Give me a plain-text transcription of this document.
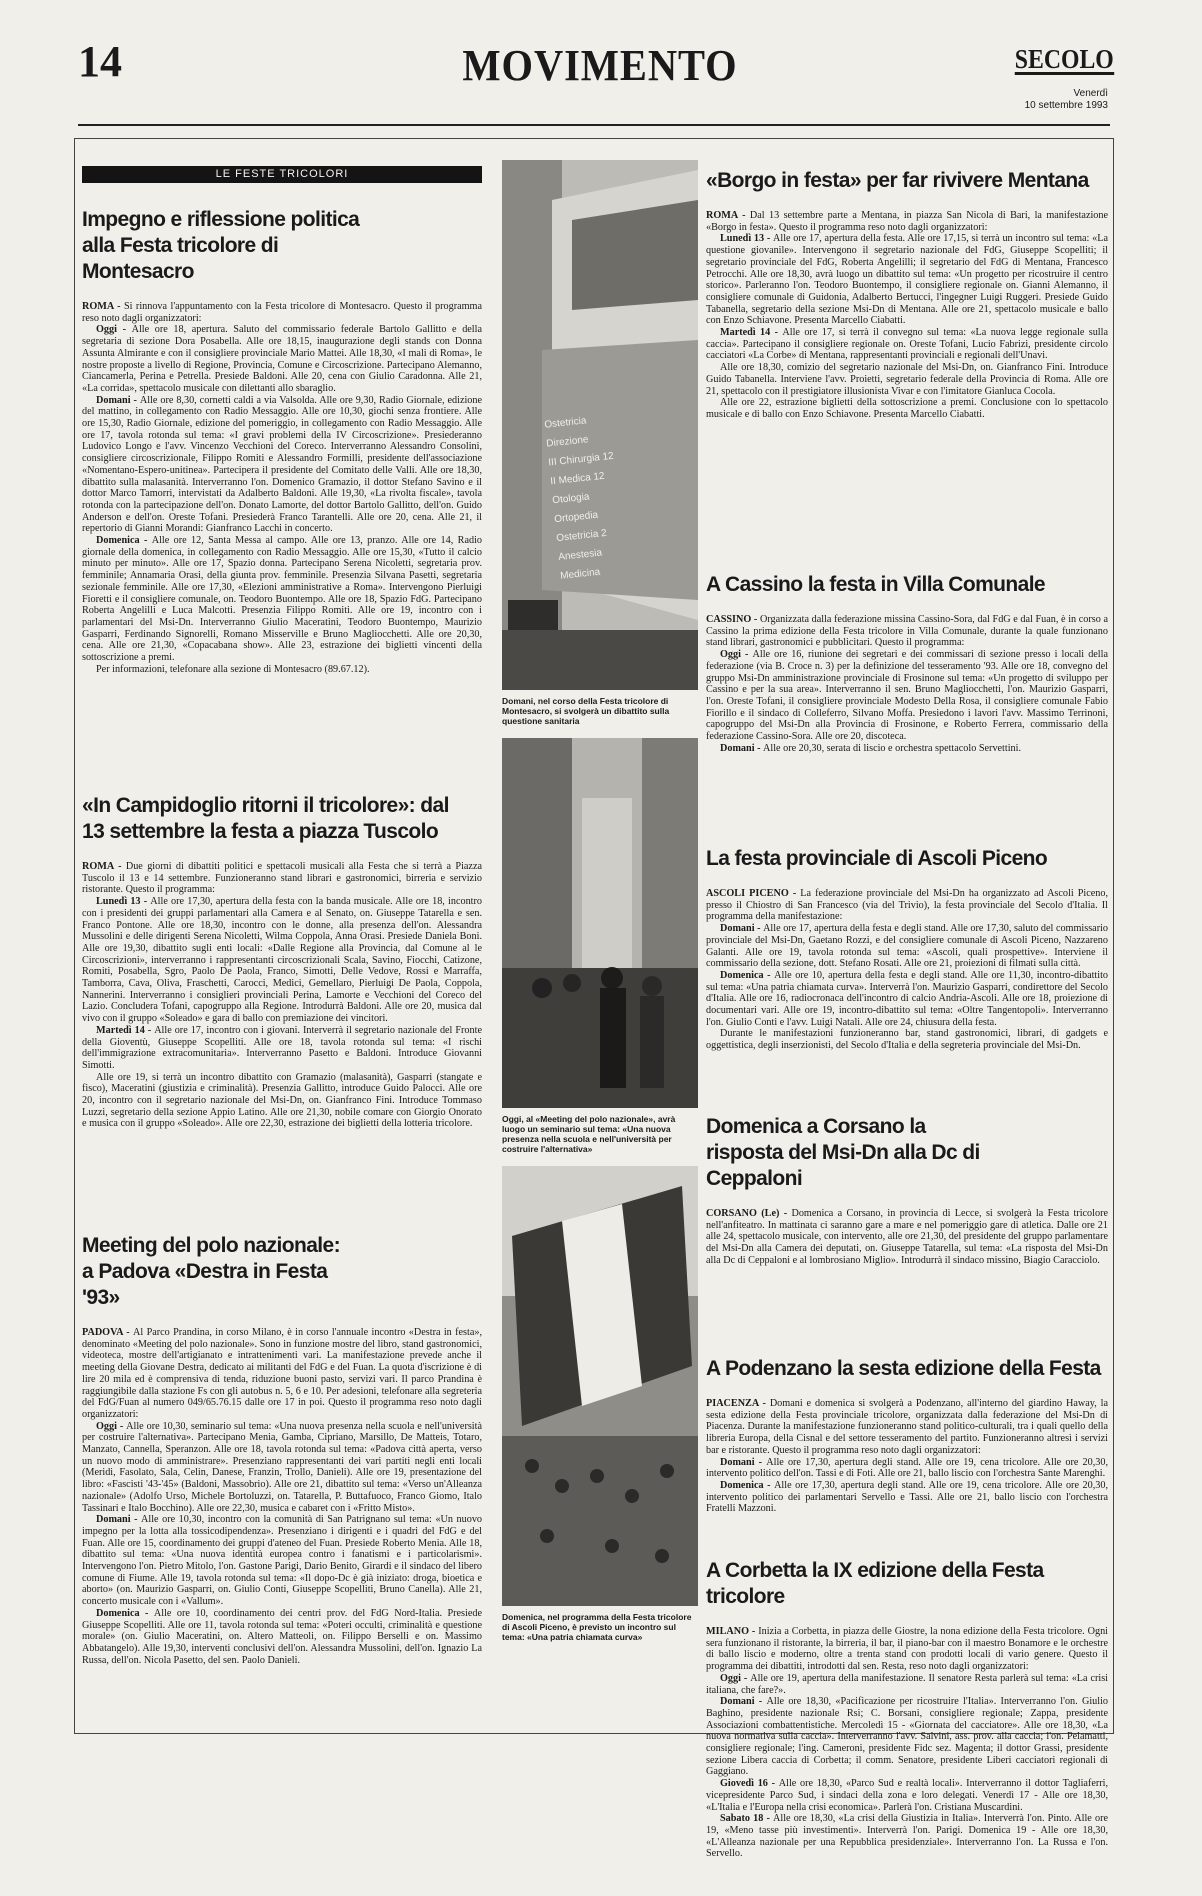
14	MOVIMENTO	SECOLO
Venerdì
10 settembre 1993
LE FESTE TRICOLORI
Impegno e riflessione politica alla Festa tricolore di Montesacro

ROMA - Si rinnova l'appuntamento con la Festa tricolore di Montesacro. Questo il programma reso noto dagli organizzatori:

Oggi - Alle ore 18, apertura. Saluto del commissario federale Bartolo Gallitto e della segretaria di sezione Dora Posabella. Alle ore 18,15, inaugurazione degli stands con Donna Assunta Almirante e con il consigliere provinciale Mario Mattei. Alle 18,30, «I mali di Roma», le nostre proposte a livello di Regione, Provincia, Comune e Circoscrizione. Partecipano Alemanno, Ciancamerla, Perina e Petrella. Presiede Baldoni. Alle 20, cena con Giulio Caradonna. Alle 21, «La corrida», spettacolo musicale con dilettanti allo sbaraglio.

Domani - Alle ore 8,30, cornetti caldi a via Valsolda. Alle ore 9,30, Radio Giornale, edizione del mattino, in collegamento con Radio Messaggio. Alle ore 10,30, giochi senza frontiere. Alle ore 15,30, Radio Giornale, edizione del pomeriggio, in collegamento con Radio Messaggio. Alle ore 17, tavola rotonda sul tema: «I gravi problemi della IV Circoscrizione». Presiederanno Ludovico Longo e l'avv. Vincenzo Vecchioni del Coreco. Interverranno Alessandro Consolini, consigliere circoscrizionale, Filippo Romiti e Alessandro Formilli, presidente dell'associazione «Nomentano-Espero-unitinea». Partecipera il presidente del Comitato delle Valli. Alle ore 18,30, dibattito sulla malasanità. Interverranno l'on. Domenico Gramazio, il dottor Stefano Savino e il dottor Marco Tamorri, intervistati da Adalberto Baldoni. Alle 19,30, «La rivolta fiscale», tavola rotonda con la partecipazione dell'on. Donato Lamorte, del dottor Bartolo Gallitto, dell'on. Guido Anderson e dell'on. Oreste Tofani. Presiederà Franco Tarantelli. Alle ore 20, cena. Alle 21, il repertorio di Gianni Morandi: Gianfranco Lacchi in concerto.

Domenica - Alle ore 12, Santa Messa al campo. Alle ore 13, pranzo. Alle ore 14, Radio giornale della domenica, in collegamento con Radio Messaggio. Alle ore 15,30, «Tutto il calcio minuto per minuto». Alle ore 17, Spazio donna. Partecipano Serena Nicoletti, segretaria prov. femminile; Annamaria Orasi, della giunta prov. femminile. Presenzia Silvana Pasetti, segretaria sezionale femminile. Alle ore 17,30, «Elezioni amministrative a Roma». Intervengono Pierluigi Fioretti e il consigliere comunale, on. Teodoro Buontempo. Alle ore 18, Spazio FdG. Partecipano Roberta Angelilli e Luca Malcotti. Presenzia Filippo Romiti. Alle ore 19, incontro con i parlamentari del Msi-Dn. Interverranno Giulio Maceratini, Teodoro Buontempo, Maurizio Gasparri, Ferdinando Signorelli, Romano Misserville e Bruno Magliocchetti. Alle ore 20,30, cena. Alle ore 21,30, «Copacabana show». Alle 23, estrazione dei biglietti vincenti della sottoscrizione a premi.

Per informazioni, telefonare alla sezione di Montesacro (89.67.12).

«In Campidoglio ritorni il tricolore»: dal 13 settembre la festa a piazza Tuscolo

ROMA - Due giorni di dibattiti politici e spettacoli musicali alla Festa che si terrà a Piazza Tuscolo il 13 e 14 settembre. Funzioneranno stand librari e gastronomici, birreria e servizio ristorante. Questo il programma:

Lunedì 13 - Alle ore 17,30, apertura della festa con la banda musicale. Alle ore 18, incontro con i presidenti dei gruppi parlamentari alla Camera e al Senato, on. Giuseppe Tatarella e sen. Franco Pontone. Alle ore 18,30, incontro con le donne, alla presenza dell'on. Alessandra Mussolini e delle dirigenti Serena Nicoletti, Wilma Coppola, Anna Orasi. Presiede Daniela Boni. Alle ore 19,30, dibattito sugli enti locali: «Dalle Regione alla Provincia, dal Comune al le Circoscrizioni», interverranno i rappresentanti circoscrizionali Scala, Savino, Fiocchi, Catizone, Romiti, Posabella, Sgro, Paolo De Paola, Franco, Simotti, Delle Vedove, Rossi e Marraffa, Tamborra, Cava, Oliva, Fraschetti, Carocci, Medici, Gemellaro, Pierluigi De Paola, Coppola, Nannerini. Interverranno i consiglieri provinciali Perina, Lamorte e Vecchioni del Coreco del Lazio. Concludera Tofani, capogruppo alla Regione. Introdurrà Baldoni. Alle ore 20, musica dal vivo con il gruppo «Soleado» e gara di ballo con premiazione dei vincitori.

Martedì 14 - Alle ore 17, incontro con i giovani. Interverrà il segretario nazionale del Fronte della Gioventù, Giuseppe Scopelliti. Alle ore 18, tavola rotonda sul tema: «I rischi dell'immigrazione extracomunitaria». Interverranno Pasetto e Baldoni. Introduce Giovanni Simotti.

Alle ore 19, si terrà un incontro dibattito con Gramazio (malasanità), Gasparri (stangate e fisco), Maceratini (giustizia e criminalità). Presenzia Gallitto, introduce Guido Palocci. Alle ore 20, incontro con il segretario nazionale del Msi-Dn, on. Gianfranco Fini. Introduce Tommaso Luzzi, segretario della sezione Appio Latino. Alle ore 21,30, nobile comare con Giorgio Onorato e musica con il gruppo «Soleado». Alle ore 22,30, estrazione dei biglietti della lotteria tricolore.

Meeting del polo nazionale: a Padova «Destra in Festa '93»

PADOVA - Al Parco Prandina, in corso Milano, è in corso l'annuale incontro «Destra in festa», denominato «Meeting del polo nazionale». Sono in funzione mostre del libro, stand gastronomici, videoteca, mostre dell'artigianato e intrattenimenti vari. La manifestazione prevede anche il meeting della Giovane Destra, dedicato ai militanti del FdG e del Fuan. La quota d'iscrizione è di lire 20 mila ed è comprensiva di tenda, riduzione buoni pasto, servizi vari. Il parco Prandina è raggiungibile dalla stazione Fs con gli autobus n. 5, 6 e 10. Per adesioni, telefonare alla segreteria del FdG/Fuan al numero 049/65.76.15 dalle ore 17 in poi. Questo il programma reso noto dagli organizzatori:

Oggi - Alle ore 10,30, seminario sul tema: «Una nuova presenza nella scuola e nell'università per costruire l'alternativa». Partecipano Menia, Gamba, Cipriano, Marsillo, De Matteis, Totaro, Manzato, Cannella, Speranzon. Alle ore 18, tavola rotonda sul tema: «Padova città aperta, verso un nuovo modo di amministrare». Presenziano rappresentanti dei vari partiti negli enti locali (Meridi, Fasolato, Sala, Celin, Danese, Franzin, Trollo, Danieli). Alle ore 19, presentazione del libro: «Fascisti '43-'45» (Baldoni, Massobrio). Alle ore 21, dibattito sul tema: «Verso un'Alleanza nazionale» (Adolfo Urso, Michele Bortoluzzi, on. Tatarella, P. Buttafuoco, Franco Giomo, Italo Tassinari e Italo Bocchino). Alle ore 22,30, musica e cabaret con i «Fritto Misto».

Domani - Alle ore 10,30, incontro con la comunità di San Patrignano sul tema: «Un nuovo impegno per la lotta alla tossicodipendenza». Presenziano i dirigenti e i quadri del FdG e del Fuan. Alle ore 15, coordinamento dei gruppi d'ateneo del Fuan. Presiede Roberto Menia. Alle 18, dibattito sul tema: «Una nuova identità europea contro i fanatismi e i particolarismi». Intervengono l'on. Pietro Mitolo, l'on. Gastone Parigi, Dario Benito, Girardi e il sindaco del libero comune di Fiume. Alle 19, tavola rotonda sul tema: «Il dopo-Dc è già iniziato: droga, bioetica e aborto» (on. Maurizio Gasparri, on. Giulio Conti, Giuseppe Scopelliti, Bruno Canella). Alle 21, concerto musicale con i «Vallum».

Domenica - Alle ore 10, coordinamento dei centri prov. del FdG Nord-Italia. Presiede Giuseppe Scopelliti. Alle ore 11, tavola rotonda sul tema: «Poteri occulti, criminalità e questione morale» (on. Giulio Maceratini, on. Altero Matteoli, on. Filippo Berselli e on. Massimo Abbatangelo). Alle 19,30, interventi conclusivi dell'on. Alessandra Mussolini, dell'on. Ignazio La Russa, dell'on. Nicola Pasetto, del sen. Paolo Danieli.

Ostetricia
Direzione
III Chirurgia 12
II Medica 12
Otologia
Ortopedia
Ostetricia 2
Anestesia
Medicina
Domani, nel corso della Festa tricolore di Montesacro, si svolgerà un dibattito sulla questione sanitaria
Oggi, al «Meeting del polo nazionale», avrà luogo un seminario sul tema: «Una nuova presenza nella scuola e nell'università per costruire l'alternativa»
Domenica, nel programma della Festa tricolore di Ascoli Piceno, è previsto un incontro sul tema: «Una patria chiamata curva»
«Borgo in festa» per far rivivere Mentana

ROMA - Dal 13 settembre parte a Mentana, in piazza San Nicola di Bari, la manifestazione «Borgo in festa». Questo il programma reso noto dagli organizzatori:

Lunedì 13 - Alle ore 17, apertura della festa. Alle ore 17,15, si terrà un incontro sul tema: «La questione giovanile». Intervengono il segretario nazionale del FdG, Giuseppe Scopelliti; il segretario provinciale del FdG, Roberta Angelilli; il segretario del FdG di Mentana, Francesco Petrocchi. Alle ore 18,30, avrà luogo un dibattito sul tema: «Un progetto per ricostruire il centro storico». Parleranno l'on. Teodoro Buontempo, il consigliere regionale on. Gianni Alemanno, il consigliere comunale di Guidonia, Adalberto Bertucci, l'ingegner Luigi Ruggeri. Presiede Guido Tabanella, segretario della sezione Msi-Dn di Mentana. Alle ore 21, spettacolo musicale e ballo con Enzo Schiavone. Presenta Marcello Ciabatti.

Martedì 14 - Alle ore 17, si terrà il convegno sul tema: «La nuova legge regionale sulla caccia». Partecipano il consigliere regionale on. Oreste Tofani, Lucio Fabrizi, presidente circolo cacciatori «La Corbe» di Mentana, rappresentanti provinciali e regionali dell'Unavi.

Alle ore 18,30, comizio del segretario nazionale del Msi-Dn, on. Gianfranco Fini. Introduce Guido Tabanella. Interviene l'avv. Proietti, segretario federale della Provincia di Roma. Alle ore 21, spettacolo con il prestigiatore illusionista Vivar e con l'imitatore Gianluca Cocola.

Alle ore 22, estrazione biglietti della sottoscrizione a premi. Conclusione con lo spettacolo musicale e di ballo con Enzo Schiavone. Presenta Marcello Ciabatti.

A Cassino la festa in Villa Comunale

CASSINO - Organizzata dalla federazione missina Cassino-Sora, dal FdG e dal Fuan, è in corso a Cassino la prima edizione della Festa tricolore in Villa Comunale, durante la quale funzionano stand librari, gastronomici e pubblicitari. Questo il programma:

Oggi - Alle ore 16, riunione dei segretari e dei commissari di sezione presso i locali della federazione (via B. Croce n. 3) per la definizione del tesseramento '93. Alle ore 18, convegno del gruppo Msi-Dn amministrazione provinciale di Frosinone sul tema: «Un progetto di sviluppo per Cassino e per la sua area». Interverranno il sen. Bruno Magliocchetti, l'on. Maurizio Gasparri, l'on. Oreste Tofani, il consigliere provinciale Modesto Della Rosa, il consigliere comunale Fabio Fiorillo e il sindaco di Colleferro, Silvano Moffa. Presiedono i lavori l'avv. Massimo Terrinoni, capogruppo del Msi-Dn alla Provincia di Frosinone, e Roberto Ferrera, commissario della federazione Cassino-Sora. Alle ore 20, discoteca.

Domani - Alle ore 20,30, serata di liscio e orchestra spettacolo Servettini.

La festa provinciale di Ascoli Piceno

ASCOLI PICENO - La federazione provinciale del Msi-Dn ha organizzato ad Ascoli Piceno, presso il Chiostro di San Francesco (via del Trivio), la festa provinciale del Secolo d'Italia. Il programma della manifestazione:

Domani - Alle ore 17, apertura della festa e degli stand. Alle ore 17,30, saluto del commissario provinciale del Msi-Dn, Gaetano Rozzi, e del consigliere comunale di Ascoli Piceno, Nazzareno Galanti. Alle ore 19, tavola rotonda sul tema: «Ascoli, quali prospettive». Interviene il commissario della sezione, dott. Stefano Rosati. Alle ore 21, proiezioni di filmati sulla città.

Domenica - Alle ore 10, apertura della festa e degli stand. Alle ore 11,30, incontro-dibattito sul tema: «Una patria chiamata curva». Interverrà l'on. Maurizio Gasparri, condirettore del Secolo d'Italia. Alle ore 16, radiocronaca dell'incontro di calcio Andria-Ascoli. Alle ore 18, proiezione di documentari vari. Alle ore 19, incontro-dibattito sul tema: «Oltre Tangentopoli». Interverranno l'on. Giulio Conti e l'avv. Luigi Natali. Alle ore 24, chiusura della festa.

Durante le manifestazioni funzioneranno bar, stand gastronomici, librari, di gadgets e oggettistica, degli inserzionisti, del Secolo d'Italia e della segreteria provinciale del Msi-Dn.

Domenica a Corsano la risposta del Msi-Dn alla Dc di Ceppaloni

CORSANO (Le) - Domenica a Corsano, in provincia di Lecce, si svolgerà la Festa tricolore nell'anfiteatro. In mattinata ci saranno gare a mare e nel pomeriggio gare di atletica. Dalle ore 21 alle 24, spettacolo musicale, con intervento, alle ore 21,30, del presidente del gruppo parlamentare del Msi-Dn alla Camera dei deputati, on. Giuseppe Tatarella, sul tema: «La risposta del Msi-Dn alla Dc di Ceppaloni e al lombrosiano Miglio». Introdurrà il sindaco missino, Biagio Caracciolo.

A Podenzano la sesta edizione della Festa

PIACENZA - Domani e domenica si svolgerà a Podenzano, all'interno del giardino Haway, la sesta edizione della Festa provinciale tricolore, organizzata dalla federazione del Msi-Dn di Piacenza. Durante la manifestazione funzioneranno stand politico-culturali, tra i quali quello della libreria Europa, della Cisnal e del settore tesseramento del partito. Funzioneranno altresì i servizi bar e ristorante. Questo il programma reso noto dagli organizzatori:

Domani - Alle ore 17,30, apertura degli stand. Alle ore 19, cena tricolore. Alle ore 20,30, intervento politico dell'on. Tassi e di Foti. Alle ore 21, ballo liscio con l'orchestra Sante Marenghi.

Domenica - Alle ore 17,30, apertura degli stand. Alle ore 19, cena tricolore. Alle ore 20,30, intervento politico dei parlamentari Servello e Tassi. Alle ore 21, ballo liscio con l'orchestra Fratelli Mazzoni.

A Corbetta la IX edizione della Festa tricolore

MILANO - Inizia a Corbetta, in piazza delle Giostre, la nona edizione della Festa tricolore. Ogni sera funzionano il ristorante, la birreria, il bar, il piano-bar con il maestro Bonamore e le orchestre di ballo liscio e moderno, oltre a trenta stand con prodotti locali di vario genere. Questo il programma dei dibattiti, introdotti dal sen. Resta, reso noto dagli organizzatori:

Oggi - Alle ore 19, apertura della manifestazione. Il senatore Resta parlerà sul tema: «La crisi italiana, che fare?».

Domani - Alle ore 18,30, «Pacificazione per ricostruire l'Italia». Interverranno l'on. Giulio Baghino, presidente nazionale Rsi; C. Borsani, consigliere regionale; Zappa, presidente Associazioni combattentistiche. Mercoledì 15 - «Giornata del cacciatore». Alle ore 18,30, «La nuova normativa sulla caccia». Interverranno l'avv. Salvini, ass. prov. alla caccia; l'on. Pelamatti, consigliere regionale; l'ing. Cameroni, presidente Fidc sez. Magenta; il dottor Grassi, presidente sezione Libera caccia di Corbetta; il comm. Senatore, presidente Liberi cacciatori regionali di Gaggiano.

Giovedì 16 - Alle ore 18,30, «Parco Sud e realtà locali». Interverranno il dottor Tagliaferri, vicepresidente Parco Sud, i sindaci della zona e loro delegati. Venerdì 17 - Alle ore 18,30, «L'Italia e l'Europa nella crisi economica». Parlerà l'on. Cristiana Muscardini.

Sabato 18 - Alle ore 18,30, «La crisi della Giustizia in Italia». Interverrà l'on. Pinto. Alle ore 19, «Meno tasse più investimenti». Interverrà l'on. Parigi. Domenica 19 - Alle ore 18,30, «L'Alleanza nazionale per una Repubblica presidenziale». Interverranno l'on. La Russa e l'on. Servello.
